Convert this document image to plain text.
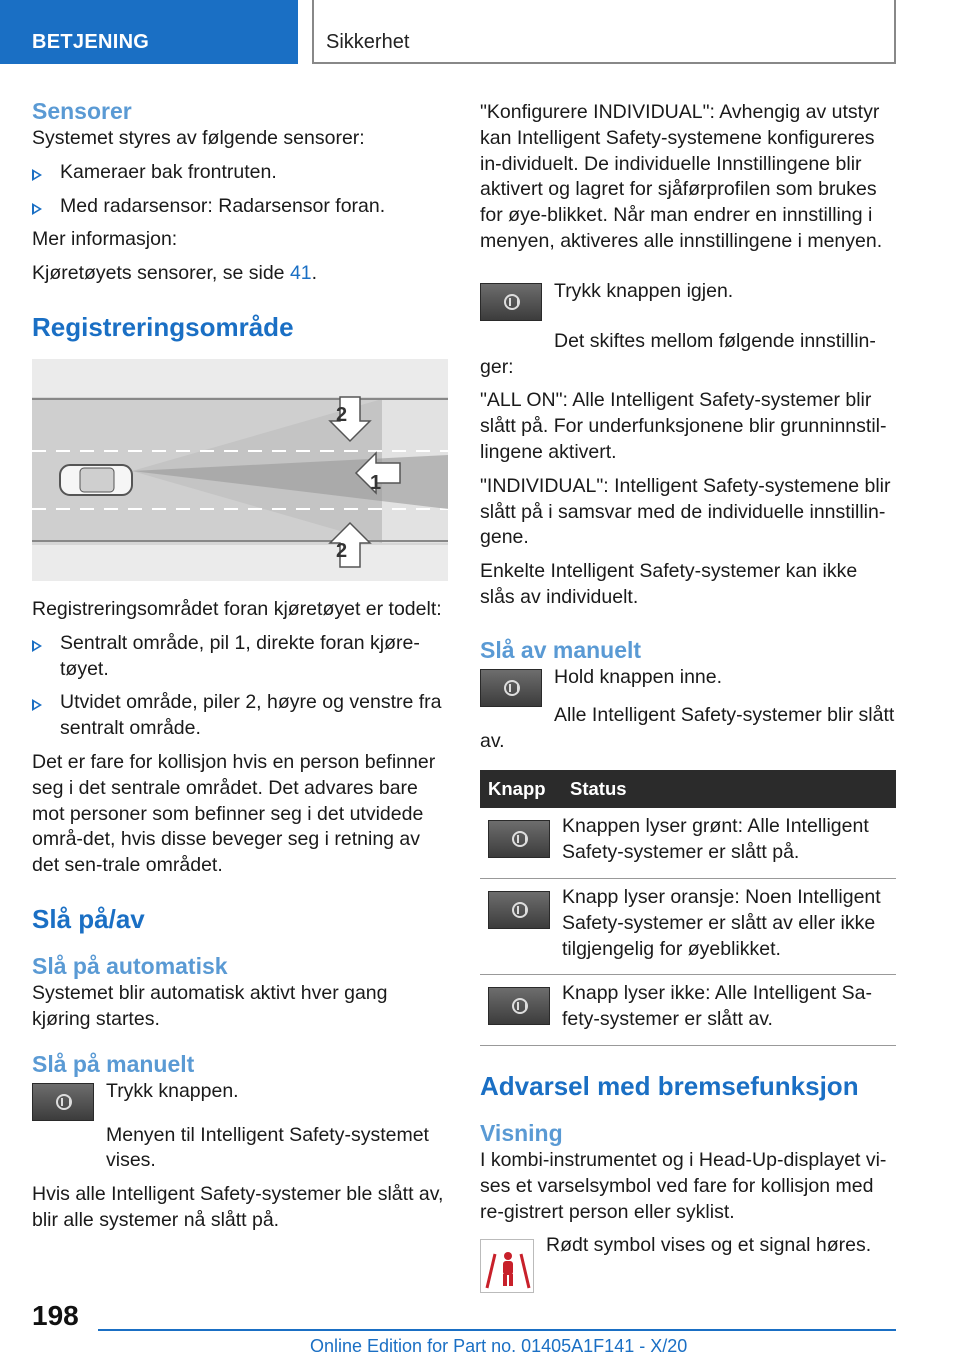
BETJENING	Sikkerhet
Sensorer

Systemet styres av følgende sensorer:

Kameraer bak frontruten.
Med radarsensor: Radarsensor foran.

Mer informasjon:

Kjøretøyets sensorer, se side 41.

Registreringsområde
2
1
2

Registreringsområdet foran kjøretøyet er todelt:

Sentralt område, pil 1, direkte foran kjøre-tøyet.
Utvidet område, piler 2, høyre og venstre fra sentralt område.

Det er fare for kollisjon hvis en person befinner seg i det sentrale området. Det advares bare mot personer som befinner seg i det utvidede områ-det, hvis disse beveger seg i retning av det sen-trale området.

Slå på/av
Slå på automatisk

Systemet blir automatisk aktivt hver gang kjøring startes.

Slå på manuelt

Trykk knappen.

Menyen til Intelligent Safety-systemet vises.

Hvis alle Intelligent Safety-systemer ble slått av, blir alle systemer nå slått på.

"Konfigurere INDIVIDUAL": Avhengig av utstyr kan Intelligent Safety-systemene konfigureres in-dividuelt. De individuelle Innstillingene blir aktivert og lagret for sjåførprofilen som brukes for øye-blikket. Når man endrer en innstilling i menyen, aktiveres alle innstillingene i menyen.

Trykk knappen igjen.

Det skiftes mellom følgende innstillin-ger:

"ALL ON": Alle Intelligent Safety-systemer blir slått på. For underfunksjonene blir grunninnstil-lingene aktivert.

"INDIVIDUAL": Intelligent Safety-systemene blir slått på i samsvar med de individuelle innstillin-gene.

Enkelte Intelligent Safety-systemer kan ikke slås av individuelt.

Slå av manuelt

Hold knappen inne.

Alle Intelligent Safety-systemer blir slått av.

Knapp	Status

	Knappen lyser grønt: Alle Intelligent Safety-systemer er slått på.

	Knapp lyser oransje: Noen Intelligent Safety-systemer er slått av eller ikke tilgjengelig for øyeblikket.

	Knapp lyser ikke: Alle Intelligent Sa-fety-systemer er slått av.
Advarsel med bremsefunksjon
Visning

I kombi-instrumentet og i Head-Up-displayet vi-ses et varselsymbol ved fare for kollisjon med re-gistrert person eller syklist.

Rødt symbol vises og et signal høres.

198
Online Edition for Part no. 01405A1F141 - X/20
